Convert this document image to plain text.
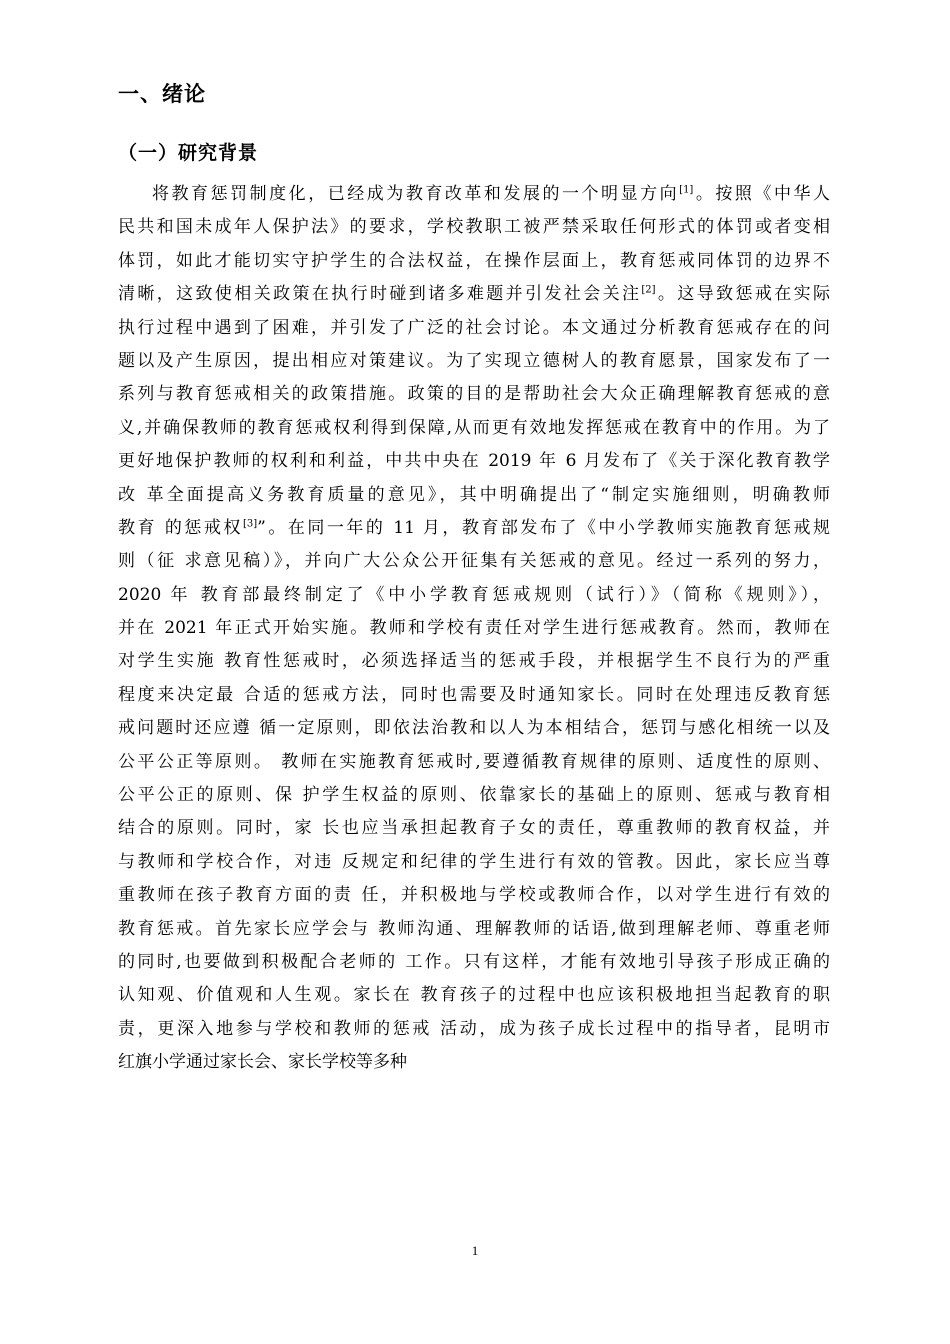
一、绪论
（一）研究背景
将教育惩罚制度化，已经成为教育改革和发展的一个明显方向[1]。按照《中华人
民共和国未成年人保护法》的要求，学校教职工被严禁采取任何形式的体罚或者变相
体罚，如此才能切实守护学生的合法权益，在操作层面上，教育惩戒同体罚的边界不
清晰，这致使相关政策在执行时碰到诸多难题并引发社会关注[2]。这导致惩戒在实际
执行过程中遇到了困难，并引发了广泛的社会讨论。本文通过分析教育惩戒存在的问
题以及产生原因，提出相应对策建议。为了实现立德树人的教育愿景，国家发布了一
系列与教育惩戒相关的政策措施。政策的目的是帮助社会大众正确理解教育惩戒的意
义,并确保教师的教育惩戒权利得到保障,从而更有效地发挥惩戒在教育中的作用。为了
更好地保护教师的权利和利益，中共中央在 2019 年 6 月发布了《关于深化教育教学
改 革全面提高义务教育质量的意见》，其中明确提出了“制定实施细则，明确教师
教育 的惩戒权[3]”。在同一年的 11 月，教育部发布了《中小学教师实施教育惩戒规
则（征 求意见稿）》，并向广大公众公开征集有关惩戒的意见。经过一系列的努力，
2020 年 教育部最终制定了《中小学教育惩戒规则（试行）》（简称《规则》），
并在 2021 年正式开始实施。教师和学校有责任对学生进行惩戒教育。然而，教师在
对学生实施 教育性惩戒时，必须选择适当的惩戒手段，并根据学生不良行为的严重
程度来决定最 合适的惩戒方法，同时也需要及时通知家长。同时在处理违反教育惩
戒问题时还应遵 循一定原则，即依法治教和以人为本相结合，惩罚与感化相统一以及
公平公正等原则。 教师在实施教育惩戒时,要遵循教育规律的原则、适度性的原则、
公平公正的原则、保 护学生权益的原则、依靠家长的基础上的原则、惩戒与教育相
结合的原则。同时，家 长也应当承担起教育子女的责任，尊重教师的教育权益，并
与教师和学校合作，对违 反规定和纪律的学生进行有效的管教。因此，家长应当尊
重教师在孩子教育方面的责 任，并积极地与学校或教师合作，以对学生进行有效的
教育惩戒。首先家长应学会与 教师沟通、理解教师的话语,做到理解老师、尊重老师
的同时,也要做到积极配合老师的 工作。只有这样，才能有效地引导孩子形成正确的
认知观、价值观和人生观。家长在 教育孩子的过程中也应该积极地担当起教育的职
责，更深入地参与学校和教师的惩戒 活动，成为孩子成长过程中的指导者，昆明市
红旗小学通过家长会、家长学校等多种
1
